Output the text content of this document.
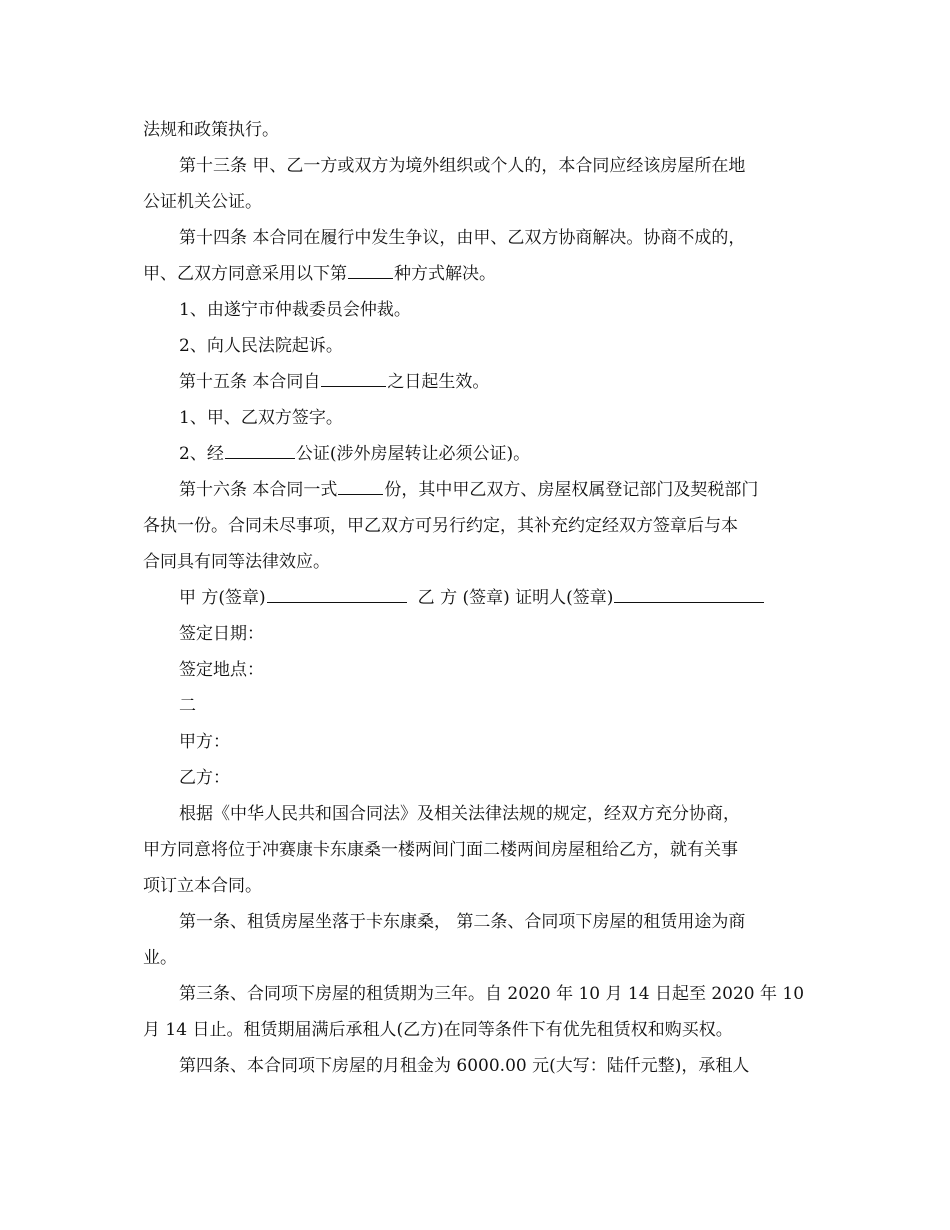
法规和政策执行。
第十三条 甲、乙一方或双方为境外组织或个人的，本合同应经该房屋所在地
公证机关公证。
第十四条 本合同在履行中发生争议，由甲、乙双方协商解决。协商不成的，
甲、乙双方同意采用以下第	种方式解决。
1、由遂宁市仲裁委员会仲裁。
2、向人民法院起诉。
第十五条 本合同自	之日起生效。
1、甲、乙双方签字。
2、经	公证(涉外房屋转让必须公证)。
第十六条 本合同一式	份，其中甲乙双方、房屋权属登记部门及契税部门
各执一份。合同未尽事项，甲乙双方可另行约定，其补充约定经双方签章后与本
合同具有同等法律效应。
甲 方(签章)	乙 方 (签章) 证明人(签章)
签定日期：
签定地点：
二
甲方：
乙方：
根据《中华人民共和国合同法》及相关法律法规的规定，经双方充分协商，
甲方同意将位于冲赛康卡东康桑一楼两间门面二楼两间房屋租给乙方，就有关事
项订立本合同。
第一条、租赁房屋坐落于卡东康桑， 第二条、合同项下房屋的租赁用途为商
业。
第三条、合同项下房屋的租赁期为三年。自 2020 年 10 月 14 日起至 2020 年 10
月 14 日止。租赁期届满后承租人(乙方)在同等条件下有优先租赁权和购买权。
第四条、本合同项下房屋的月租金为 6000.00 元(大写：陆仟元整)，承租人
